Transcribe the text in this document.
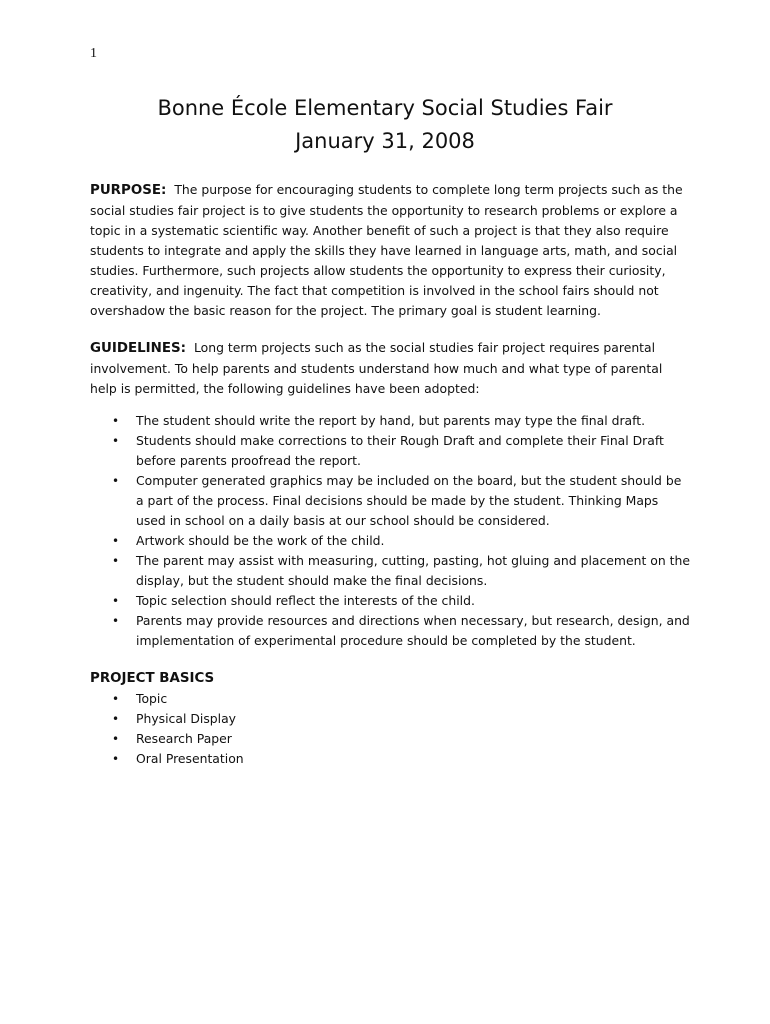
1
Bonne École Elementary Social Studies Fair
January 31, 2008

PURPOSE: The purpose for encouraging students to complete long term projects such as the social studies fair project is to give students the opportunity to research problems or explore a topic in a systematic scientific way. Another benefit of such a project is that they also require students to integrate and apply the skills they have learned in language arts, math, and social studies. Furthermore, such projects allow students the opportunity to express their curiosity, creativity, and ingenuity. The fact that competition is involved in the school fairs should not overshadow the basic reason for the project. The primary goal is student learning.

GUIDELINES: Long term projects such as the social studies fair project requires parental involvement. To help parents and students understand how much and what type of parental help is permitted, the following guidelines have been adopted:

• The student should write the report by hand, but parents may type the final draft.
• Students should make corrections to their Rough Draft and complete their Final Draft before parents proofread the report.
• Computer generated graphics may be included on the board, but the student should be a part of the process. Final decisions should be made by the student. Thinking Maps used in school on a daily basis at our school should be considered.
• Artwork should be the work of the child.
• The parent may assist with measuring, cutting, pasting, hot gluing and placement on the display, but the student should make the final decisions.
• Topic selection should reflect the interests of the child.
• Parents may provide resources and directions when necessary, but research, design, and implementation of experimental procedure should be completed by the student.

PROJECT BASICS

• Topic
• Physical Display
• Research Paper
• Oral Presentation
